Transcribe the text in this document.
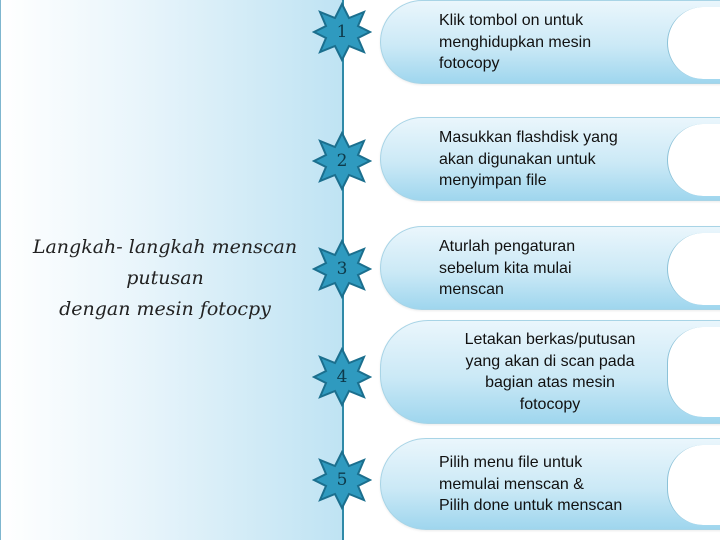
Langkah- langkah menscan putusan
dengan mesin fotocpy
Klik tombol on untuk
menghidupkan mesin
fotocopy
1
Masukkan flashdisk yang
akan digunakan untuk
menyimpan file
2
Aturlah pengaturan
sebelum kita mulai
menscan
3
Letakan berkas/putusan
yang akan di scan pada
bagian atas mesin
fotocopy
4
Pilih menu file untuk
memulai menscan &
Pilih done untuk menscan
5
